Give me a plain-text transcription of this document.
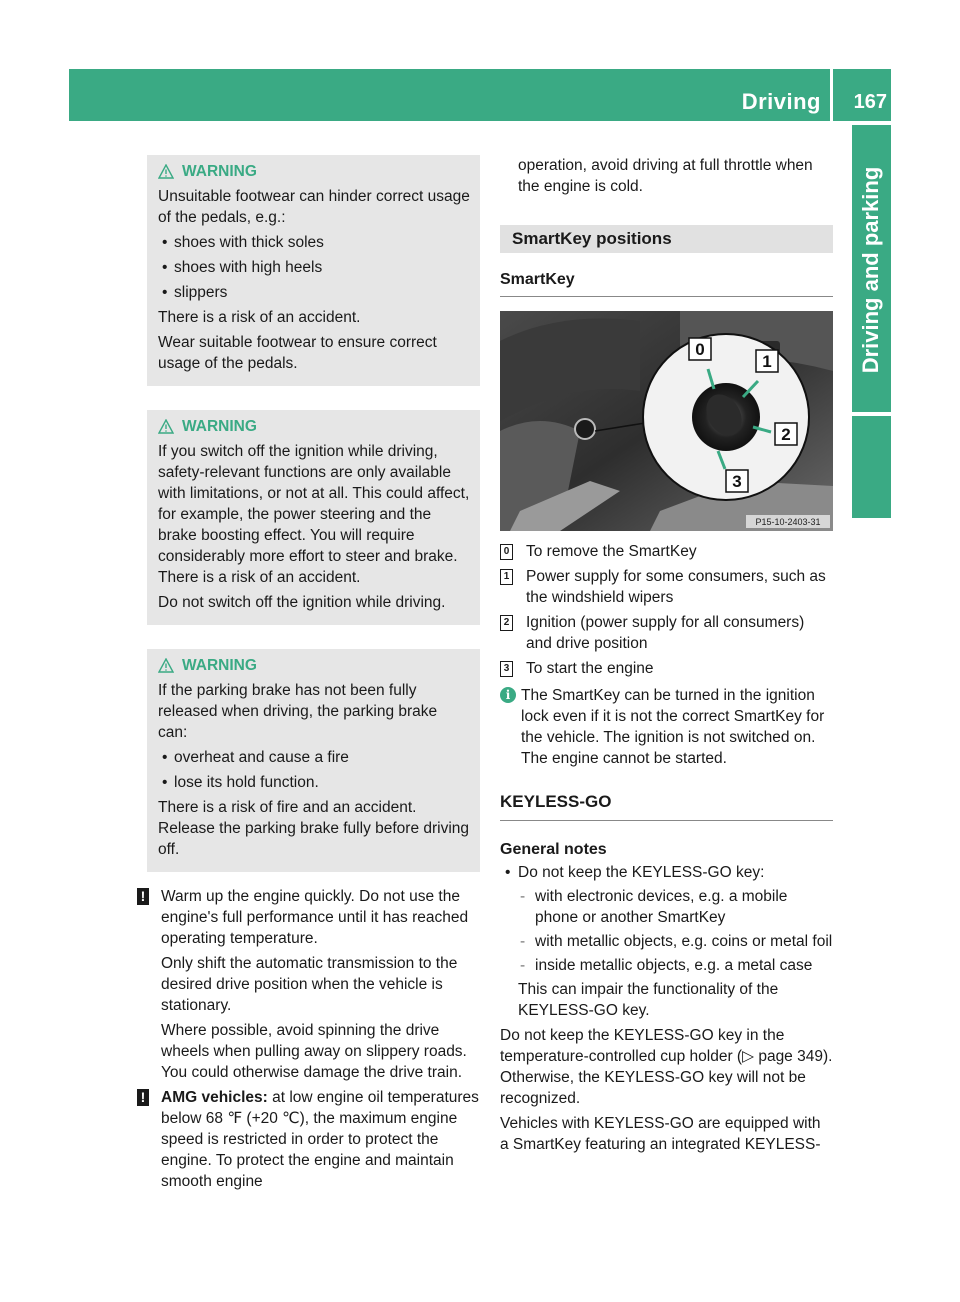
Driving 167
Driving and parking
WARNING

Unsuitable footwear can hinder correct usage of the pedals, e.g.:

• shoes with thick soles
• shoes with high heels
• slippers

There is a risk of an accident.

Wear suitable footwear to ensure correct usage of the pedals.

WARNING

If you switch off the ignition while driving, safety-relevant functions are only available with limitations, or not at all. This could affect, for example, the power steering and the brake boosting effect. You will require considerably more effort to steer and brake. There is a risk of an accident.

Do not switch off the ignition while driving.

WARNING

If the parking brake has not been fully released when driving, the parking brake can:

• overheat and cause a fire
• lose its hold function.

There is a risk of fire and an accident. Release the parking brake fully before driving off.

! Warm up the engine quickly. Do not use the engine's full performance until it has reached operating temperature.

Only shift the automatic transmission to the desired drive position when the vehicle is stationary.

Where possible, avoid spinning the drive wheels when pulling away on slippery roads. You could otherwise damage the drive train.

! AMG vehicles: at low engine oil temperatures below 68 ℉ (+20 ℃), the maximum engine speed is restricted in order to protect the engine. To protect the engine and maintain smooth engine

operation, avoid driving at full throttle when the engine is cold.

SmartKey positions
SmartKey
0
1
2
3
P15-10-2403-31
0 To remove the SmartKey
1 Power supply for some consumers, such as the windshield wipers
2 Ignition (power supply for all consumers) and drive position
3 To start the engine
i The SmartKey can be turned in the ignition lock even if it is not the correct SmartKey for the vehicle. The ignition is not switched on. The engine cannot be started.
KEYLESS-GO
General notes
• Do not keep the KEYLESS-GO key:
- with electronic devices, e.g. a mobile phone or another SmartKey
- with metallic objects, e.g. coins or metal foil
- inside metallic objects, e.g. a metal case
This can impair the functionality of the KEYLESS-GO key.

Do not keep the KEYLESS-GO key in the temperature-controlled cup holder (▷ page 349). Otherwise, the KEYLESS-GO key will not be recognized.

Vehicles with KEYLESS-GO are equipped with a SmartKey featuring an integrated KEYLESS-
